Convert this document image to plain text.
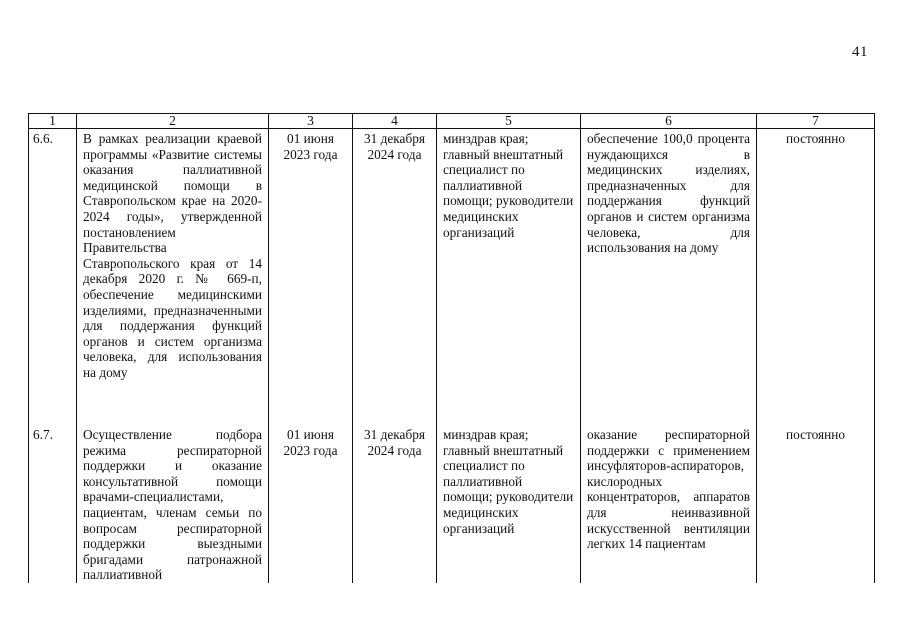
41
1	2	3	4	5	6	7
6.6.	В рамках реализации краевой программы «Развитие системы оказания паллиативной медицинской помощи в Ставропольском крае на 2020-2024 годы», утвержденной постановлением Правительства Ставропольского края от 14 декабря 2020 г. № 669-п, обеспечение медицинскими изделиями, предназначенными для поддержания функций органов и систем организма человека, для использования на дому	01 июня 2023 года	31 декабря 2024 года	минздрав края; главный внештатный специалист по паллиативной помощи; руководители медицинских организаций	обеспечение 100,0 процента нуждающихся в медицинских изделиях, предназначенных для поддержания функций органов и систем организма человека, для использования на дому	постоянно
6.7.	Осуществление подбора режима респираторной поддержки и оказание консультативной помощи врачами-специалистами, пациентам, членам семьи по вопросам респираторной поддержки выездными бригадами патронажной паллиативной	01 июня 2023 года	31 декабря 2024 года	минздрав края; главный внештатный специалист по паллиативной помощи; руководители медицинских организаций	оказание респираторной поддержки с применением инсуфляторов-аспираторов, кислородных концентраторов, аппаратов для неинвазивной искусственной вентиляции легких 14 пациентам	постоянно
